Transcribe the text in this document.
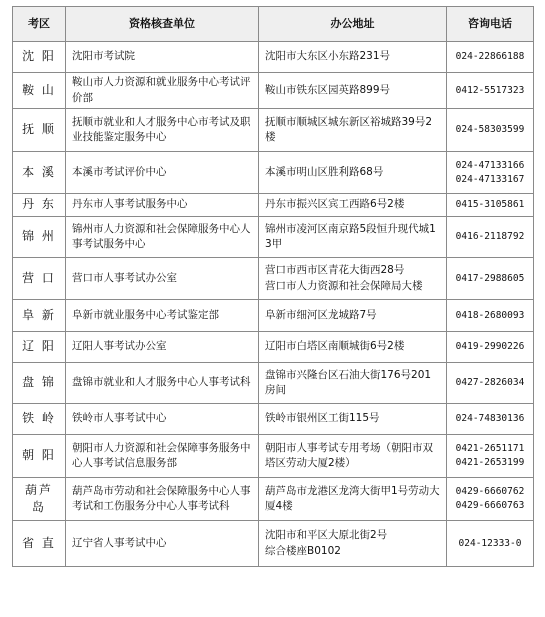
考区	资格核查单位	办公地址	咨询电话
沈 阳	沈阳市考试院	沈阳市大东区小东路231号	024-22866188

鞍 山	鞍山市人力资源和就业服务中心考试评价部	鞍山市铁东区园英路899号	0412-5517323

抚 顺	抚顺市就业和人才服务中心市考试及职业技能鉴定服务中心	抚顺市顺城区城东新区裕城路39号2楼	024-58303599

本 溪	本溪市考试评价中心	本溪市明山区胜利路68号	024-47133166
024-47133167

丹 东	丹东市人事考试服务中心	丹东市振兴区宾工西路6号2楼	0415-3105861

锦 州	锦州市人力资源和社会保障服务中心人事考试服务中心	锦州市凌河区南京路5段恒升现代城13甲	0416-2118792

营 口	营口市人事考试办公室	营口市西市区青花大街西28号
营口市人力资源和社会保障局大楼	0417-2988605

阜 新	阜新市就业服务中心考试鉴定部	阜新市细河区龙城路7号	0418-2680093

辽 阳	辽阳人事考试办公室	辽阳市白塔区南顺城街6号2楼	0419-2990226

盘 锦	盘锦市就业和人才服务中心人事考试科	盘锦市兴隆台区石油大街176号201房间	0427-2826034

铁 岭	铁岭市人事考试中心	铁岭市银州区工街115号	024-74830136

朝 阳	朝阳市人力资源和社会保障事务服务中心人事考试信息服务部	朝阳市人事考试专用考场（朝阳市双塔区劳动大厦2楼）	0421-2651171
0421-2653199

葫芦岛	葫芦岛市劳动和社会保障服务中心人事考试和工伤服务分中心人事考试科	葫芦岛市龙港区龙湾大街甲1号劳动大厦4楼	0429-6660762
0429-6660763

省 直	辽宁省人事考试中心	沈阳市和平区大原北街2号
综合楼座B0102	024-12333-0
